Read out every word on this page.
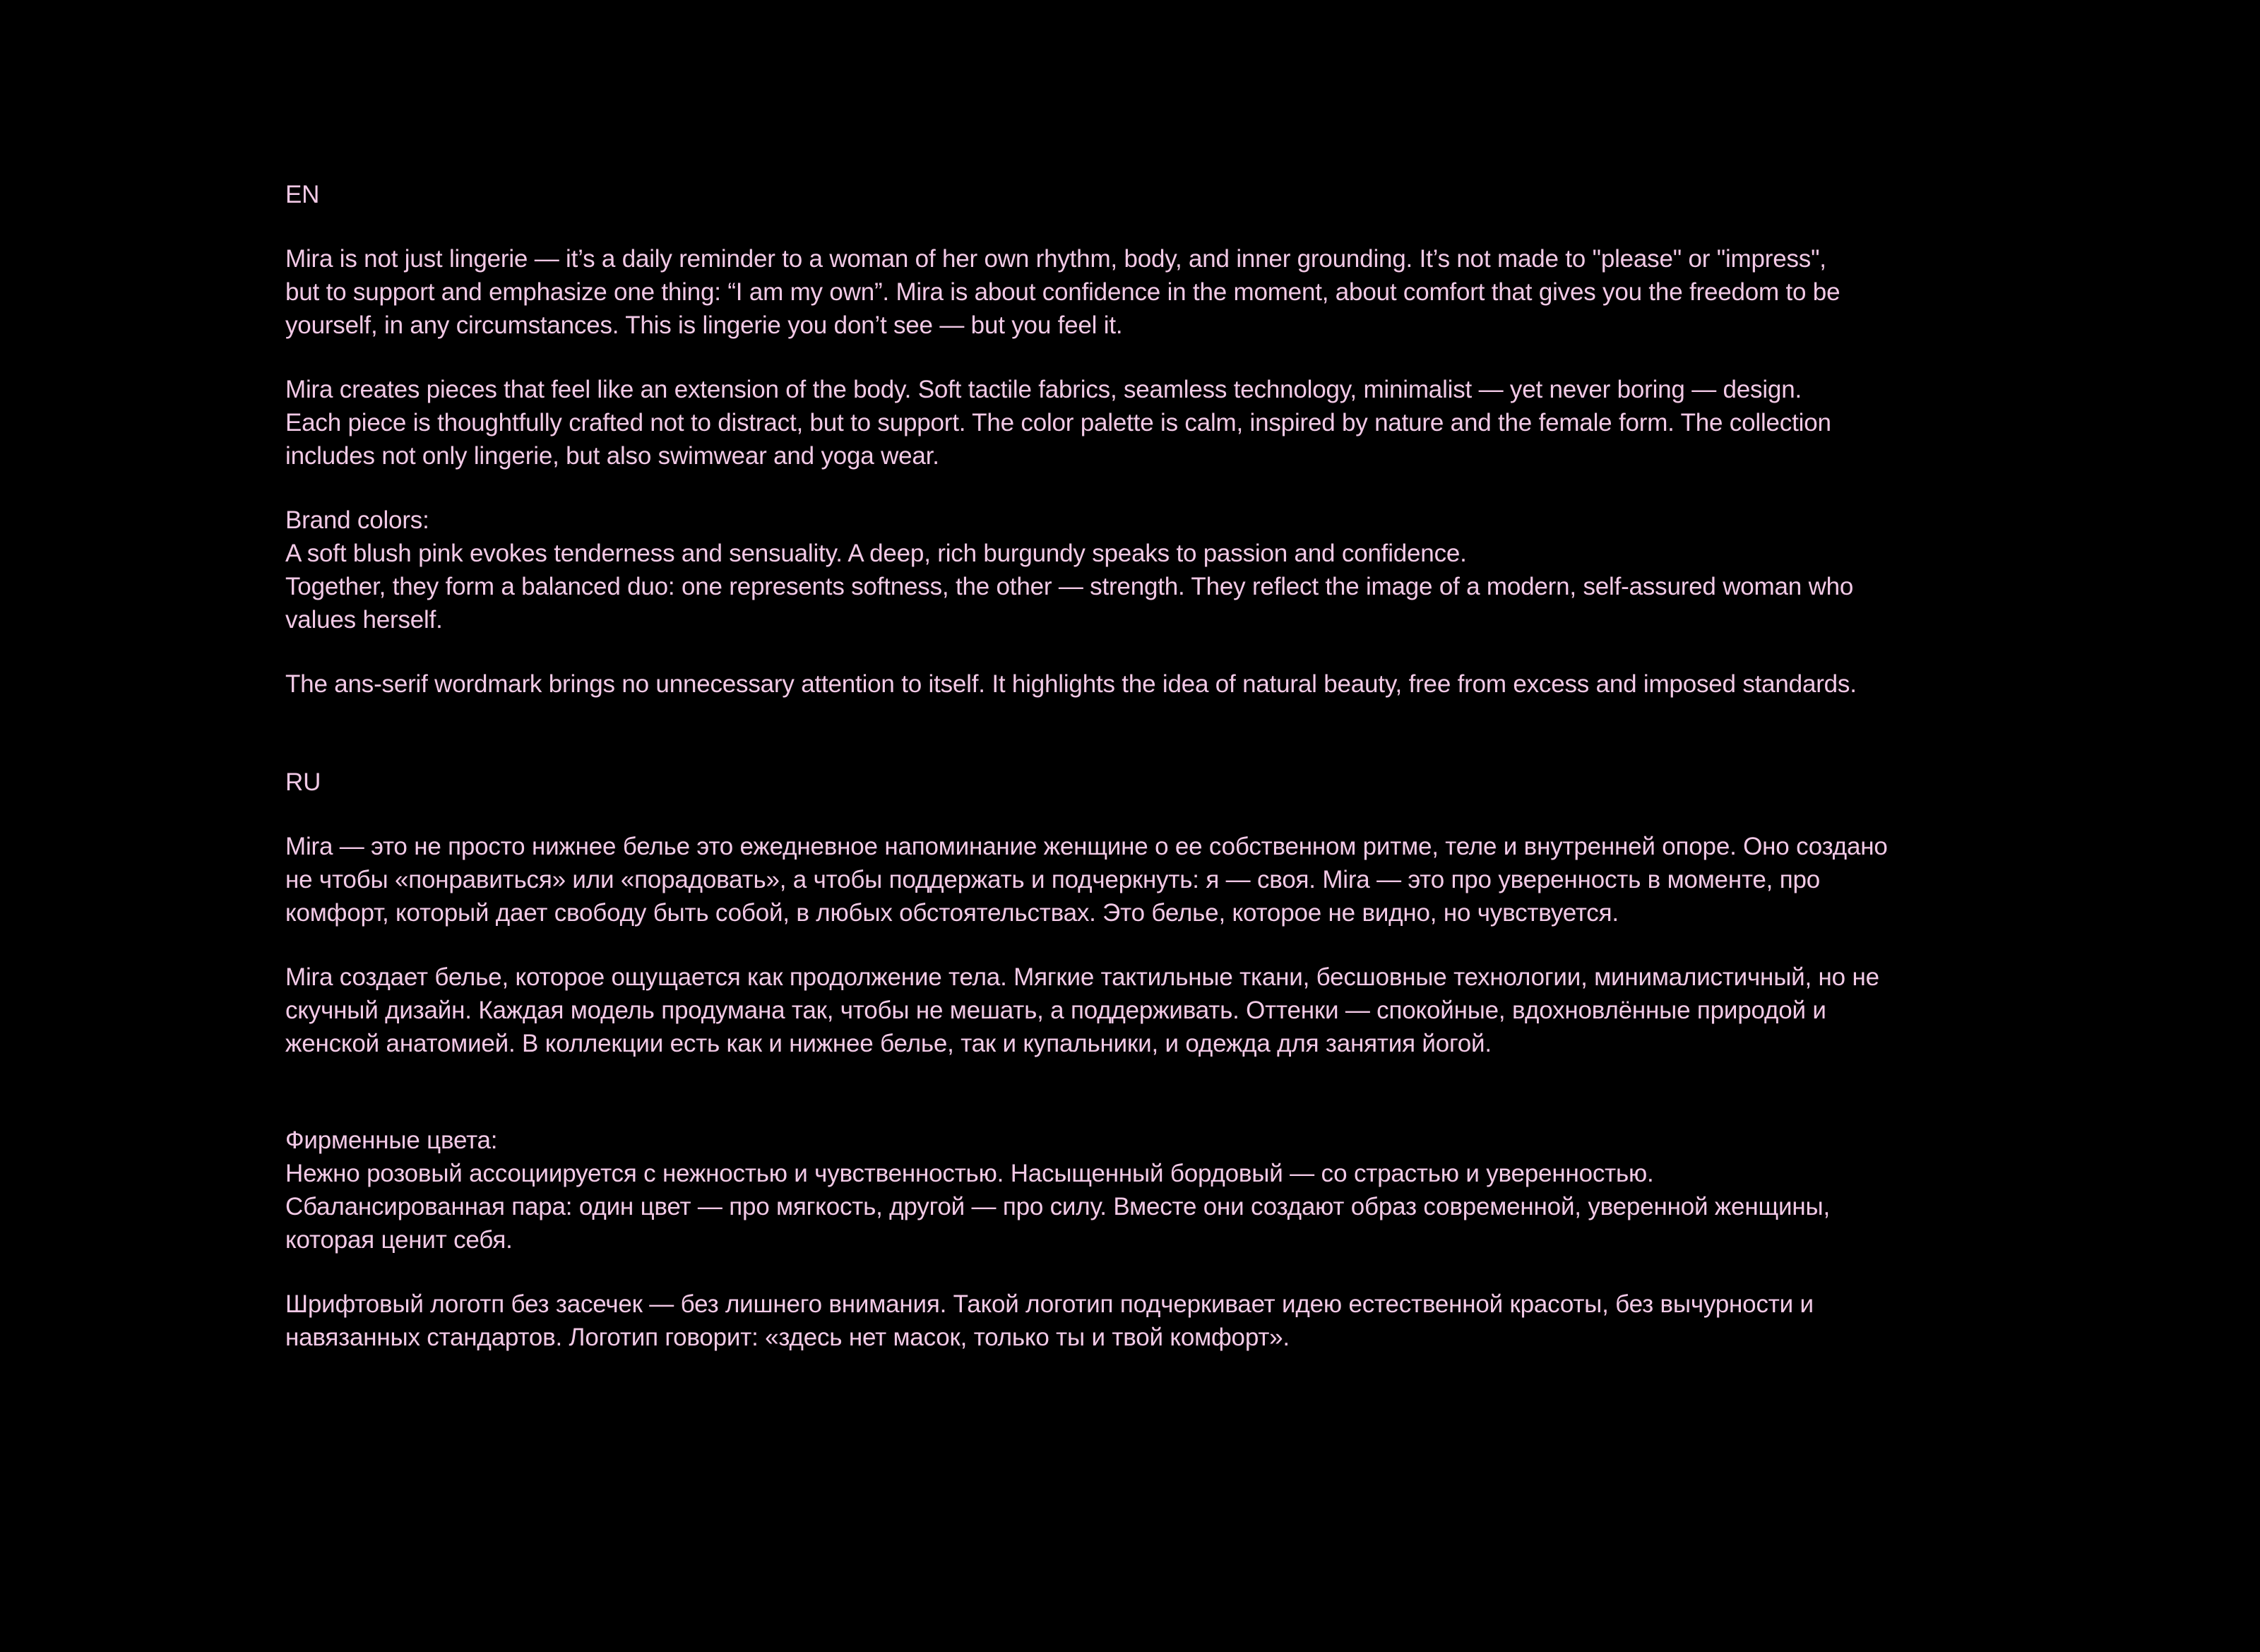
EN
Mira is not just lingerie — it’s a daily reminder to a woman of her own rhythm, body, and inner grounding. It’s not made to "please" or "impress",
but to support and emphasize one thing: “I am my own”. Mira is about confidence in the moment, about comfort that gives you the freedom to be
yourself, in any circumstances. This is lingerie you don’t see — but you feel it.
Mira creates pieces that feel like an extension of the body. Soft tactile fabrics, seamless technology, minimalist — yet never boring — design.
Each piece is thoughtfully crafted not to distract, but to support. The color palette is calm, inspired by nature and the female form. The collection
includes not only lingerie, but also swimwear and yoga wear.
Brand colors:
A soft blush pink evokes tenderness and sensuality. A deep, rich burgundy speaks to passion and confidence.
Together, they form a balanced duo: one represents softness, the other — strength. They reflect the image of a modern, self-assured woman who
values herself.
The ans-serif wordmark brings no unnecessary attention to itself. It highlights the idea of natural beauty, free from excess and imposed standards.
RU
Mira — это не просто нижнее белье это ежедневное напоминание женщине о ее собственном ритме, теле и внутренней опоре. Оно создано
не чтобы «понравиться» или «порадовать», а чтобы поддержать и подчеркнуть: я — своя. Mira — это про уверенность в моменте, про
комфорт, который дает свободу быть собой, в любых обстоятельствах. Это белье, которое не видно, но чувствуется.
Mira создает белье, которое ощущается как продолжение тела. Мягкие тактильные ткани, бесшовные технологии, минималистичный, но не
скучный дизайн. Каждая модель продумана так, чтобы не мешать, а поддерживать. Оттенки — спокойные, вдохновлённые природой и
женской анатомией. В коллекции есть как и нижнее белье, так и купальники, и одежда для занятия йогой.
Фирменные цвета:
Нежно розовый ассоциируется с нежностью и чувственностью. Насыщенный бордовый — со страстью и уверенностью.
Сбалансированная пара: один цвет — про мягкость, другой — про силу. Вместе они создают образ современной, уверенной женщины,
которая ценит себя.
Шрифтовый логотп без засечек — без лишнего внимания. Такой логотип подчеркивает идею естественной красоты, без вычурности и
навязанных стандартов. Логотип говорит: «здесь нет масок, только ты и твой комфорт».
